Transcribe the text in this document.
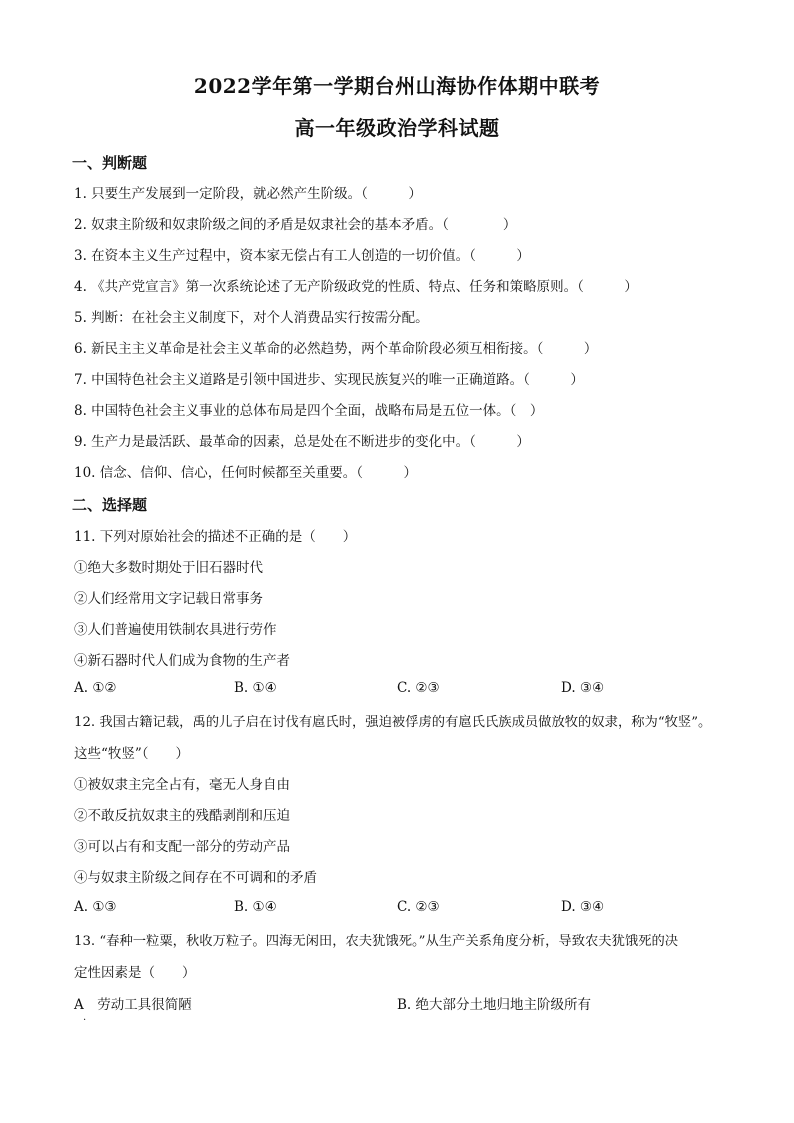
2022学年第一学期台州山海协作体期中联考
高一年级政治学科试题
一、判断题
1. 只要生产发展到一定阶段，就必然产生阶级。（　　　）
2. 奴隶主阶级和奴隶阶级之间的矛盾是奴隶社会的基本矛盾。（　　　　）
3. 在资本主义生产过程中，资本家无偿占有工人创造的一切价值。（　　　）
4. 《共产党宣言》第一次系统论述了无产阶级政党的性质、特点、任务和策略原则。（　　　）
5. 判断：在社会主义制度下，对个人消费品实行按需分配。
6. 新民主主义革命是社会主义革命的必然趋势，两个革命阶段必须互相衔接。（　　　）
7. 中国特色社会主义道路是引领中国进步、实现民族复兴的唯一正确道路。（　　　）
8. 中国特色社会主义事业的总体布局是四个全面，战略布局是五位一体。（　）
9. 生产力是最活跃、最革命的因素，总是处在不断进步的变化中。（　　　）
10. 信念、信仰、信心，任何时候都至关重要。（　　　）
二、选择题
11. 下列对原始社会的描述不正确的是（　　）
①绝大多数时期处于旧石器时代
②人们经常用文字记载日常事务
③人们普遍使用铁制农具进行劳作
④新石器时代人们成为食物的生产者
A. ①②	B. ①④	C. ②③	D. ③④
12. 我国古籍记载，禹的儿子启在讨伐有扈氏时，强迫被俘虏的有扈氏氏族成员做放牧的奴隶，称为“牧竖”。
这些“牧竖”（　　）
①被奴隶主完全占有，毫无人身自由
②不敢反抗奴隶主的残酷剥削和压迫
③可以占有和支配一部分的劳动产品
④与奴隶主阶级之间存在不可调和的矛盾
A. ①③	B. ①④	C. ②③	D. ③④
13. “春种一粒粟，秋收万粒子。四海无闲田，农夫犹饿死。”从生产关系角度分析，导致农夫犹饿死的决
定性因素是（　　）
A　劳动工具很简陋	B. 绝大部分土地归地主阶级所有
.
